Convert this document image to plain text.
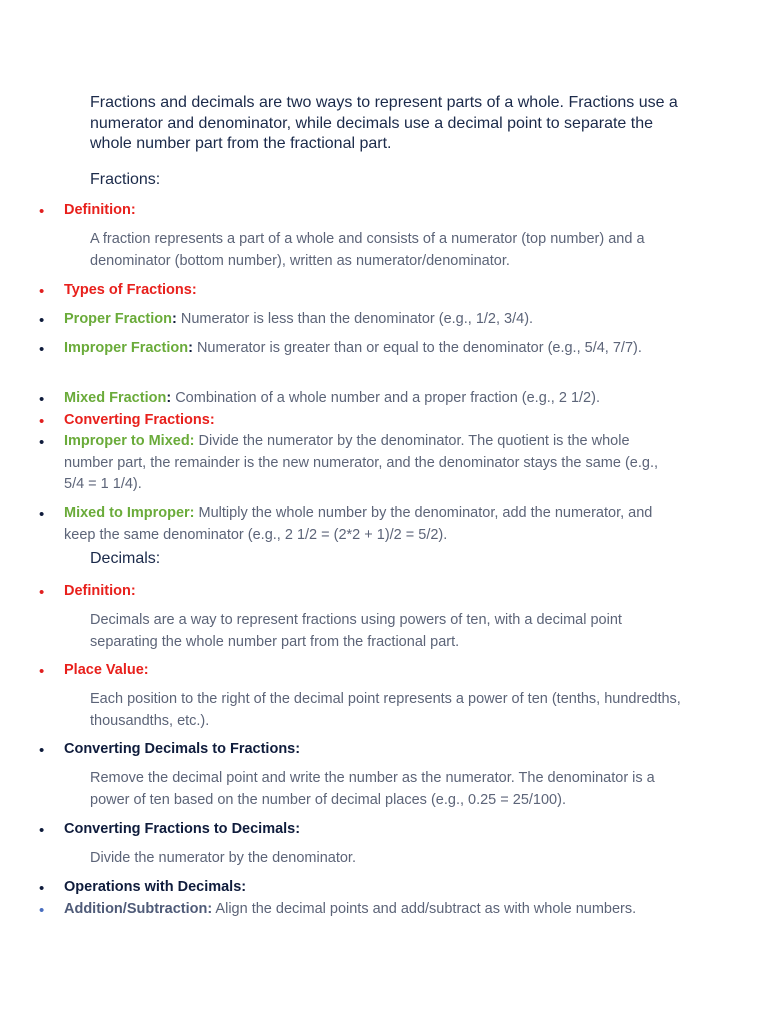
Fractions and decimals are two ways to represent parts of a whole. Fractions use a numerator and denominator, while decimals use a decimal point to separate the whole number part from the fractional part.
Fractions:
•	Definition:
A fraction represents a part of a whole and consists of a numerator (top number) and a denominator (bottom number), written as numerator/denominator.
•	Types of Fractions:
•	Proper Fraction: Numerator is less than the denominator (e.g., 1/2, 3/4).
•	Improper Fraction: Numerator is greater than or equal to the denominator (e.g., 5/4, 7/7).
•	Mixed Fraction: Combination of a whole number and a proper fraction (e.g., 2 1/2).
•	Converting Fractions:
•	Improper to Mixed: Divide the numerator by the denominator. The quotient is the whole number part, the remainder is the new numerator, and the denominator stays the same (e.g., 5/4 = 1 1/4).
•	Mixed to Improper: Multiply the whole number by the denominator, add the numerator, and keep the same denominator (e.g., 2 1/2 = (2*2 + 1)/2 = 5/2).
Decimals:
•	Definition:
Decimals are a way to represent fractions using powers of ten, with a decimal point separating the whole number part from the fractional part.
•	Place Value:
Each position to the right of the decimal point represents a power of ten (tenths, hundredths, thousandths, etc.).
•	Converting Decimals to Fractions:
Remove the decimal point and write the number as the numerator. The denominator is a power of ten based on the number of decimal places (e.g., 0.25 = 25/100).
•	Converting Fractions to Decimals:
Divide the numerator by the denominator.
•	Operations with Decimals:
•	Addition/Subtraction: Align the decimal points and add/subtract as with whole numbers.
